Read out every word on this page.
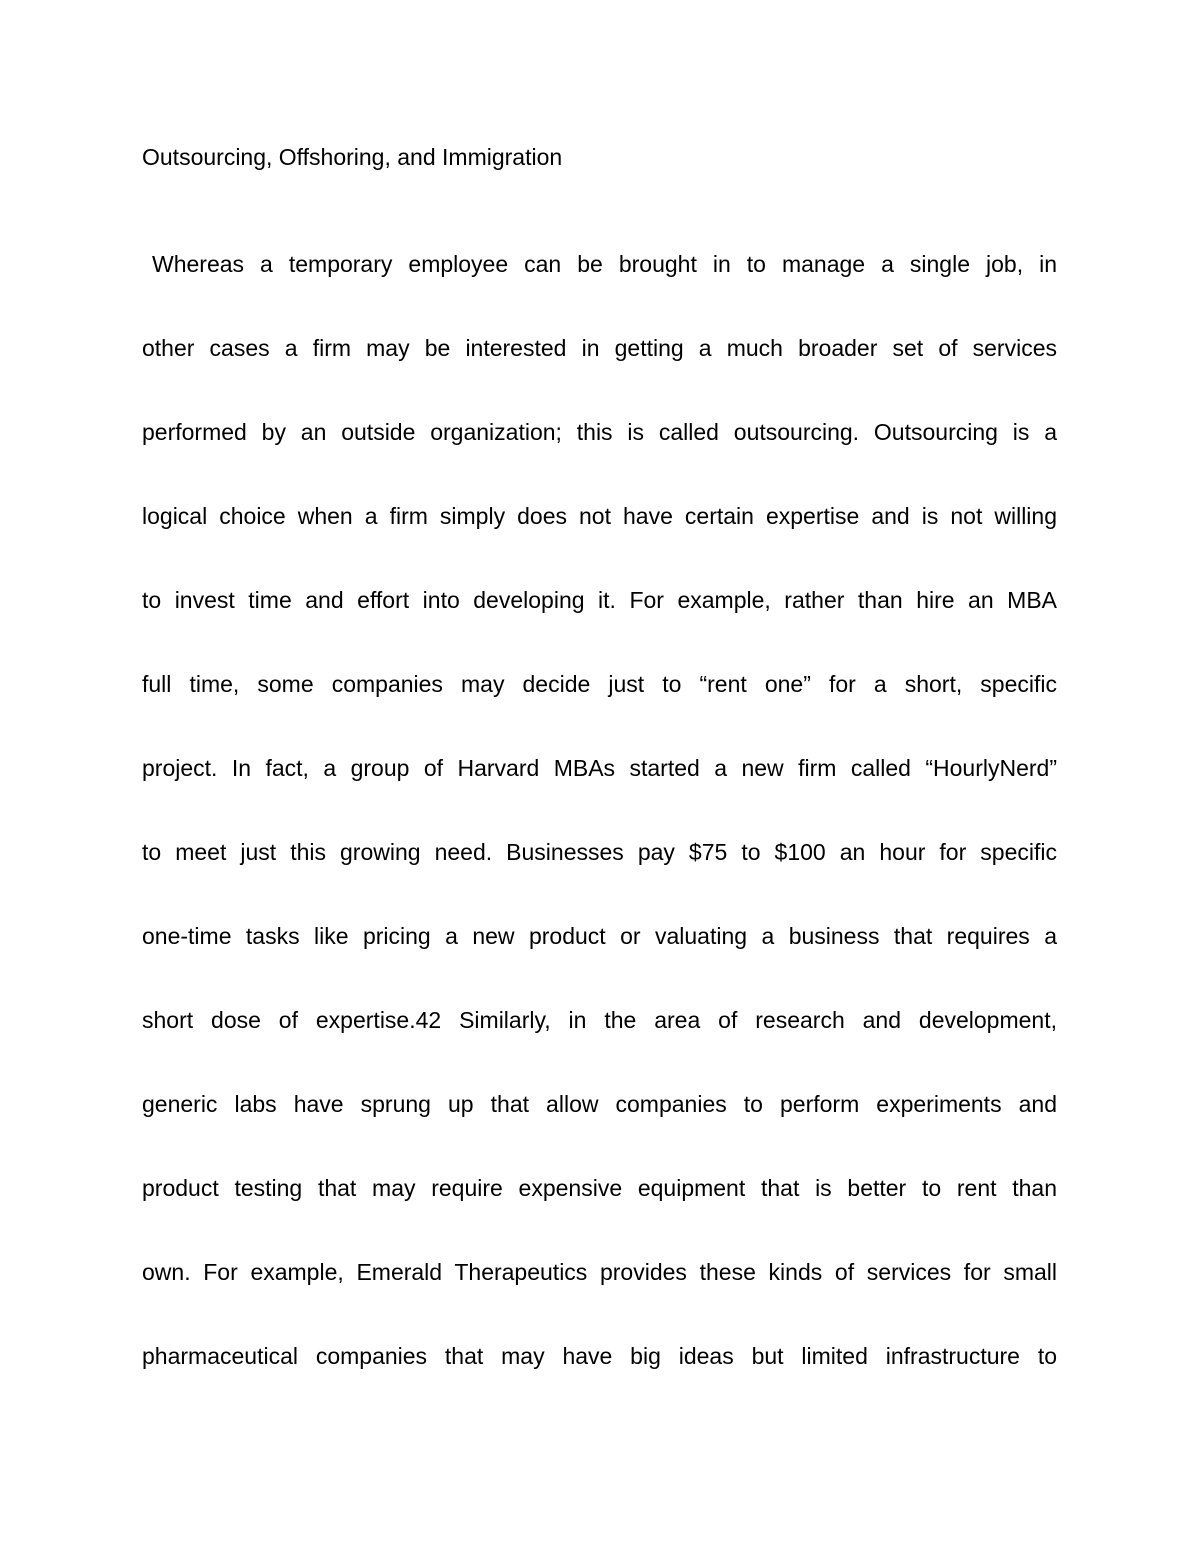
Outsourcing, Offshoring, and Immigration
Whereas a temporary employee can be brought in to manage a single job, in
other cases a firm may be interested in getting a much broader set of services
performed by an outside organization; this is called outsourcing. Outsourcing is a
logical choice when a firm simply does not have certain expertise and is not willing
to invest time and effort into developing it. For example, rather than hire an MBA
full time, some companies may decide just to “rent one” for a short, specific
project. In fact, a group of Harvard MBAs started a new firm called “HourlyNerd”
to meet just this growing need. Businesses pay $75 to $100 an hour for specific
one-time tasks like pricing a new product or valuating a business that requires a
short dose of expertise.42 Similarly, in the area of research and development,
generic labs have sprung up that allow companies to perform experiments and
product testing that may require expensive equipment that is better to rent than
own. For example, Emerald Therapeutics provides these kinds of services for small
pharmaceutical companies that may have big ideas but limited infrastructure to
